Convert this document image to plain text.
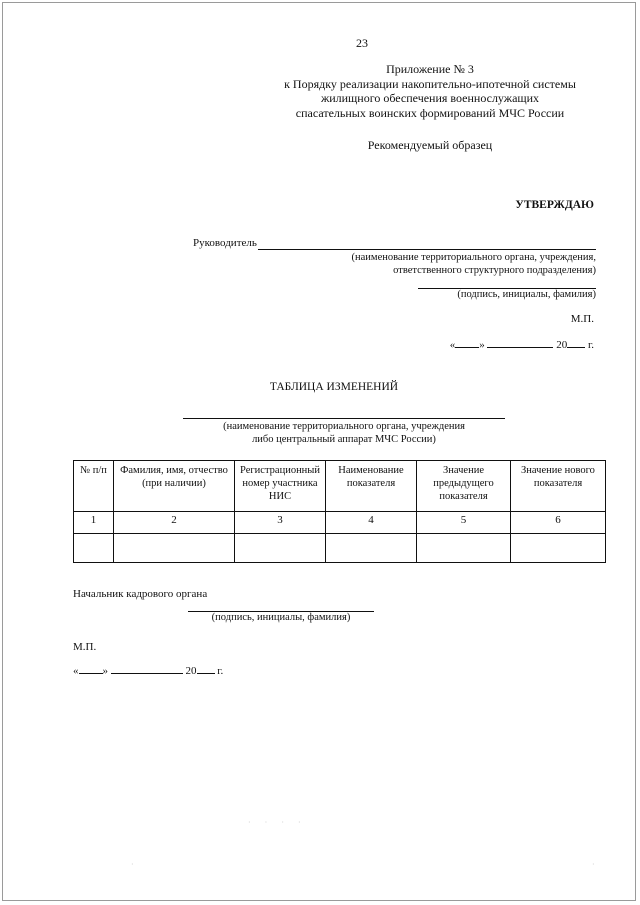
23
Приложение № 3
к Порядку реализации накопительно-ипотечной системы
жилищного обеспечения военнослужащих
спасательных воинских формирований МЧС России
Рекомендуемый образец
УТВЕРЖДАЮ
Руководитель
(наименование территориального органа, учреждения,
ответственного структурного подразделения)
(подпись, инициалы, фамилия)
М.П.
« »	20 г.
ТАБЛИЦА ИЗМЕНЕНИЙ
(наименование территориального органа, учреждения
либо центральный аппарат МЧС России)
№ п/п	Фамилия, имя, отчество (при наличии)	Регистрационный номер участника НИС	Наименование показателя	Значение предыдущего показателя	Значение нового показателя
1	2	3	4	5	6

Начальник кадрового органа
(подпись, инициалы, фамилия)
М.П.
« »	20 г.
· · · ·
·	·
